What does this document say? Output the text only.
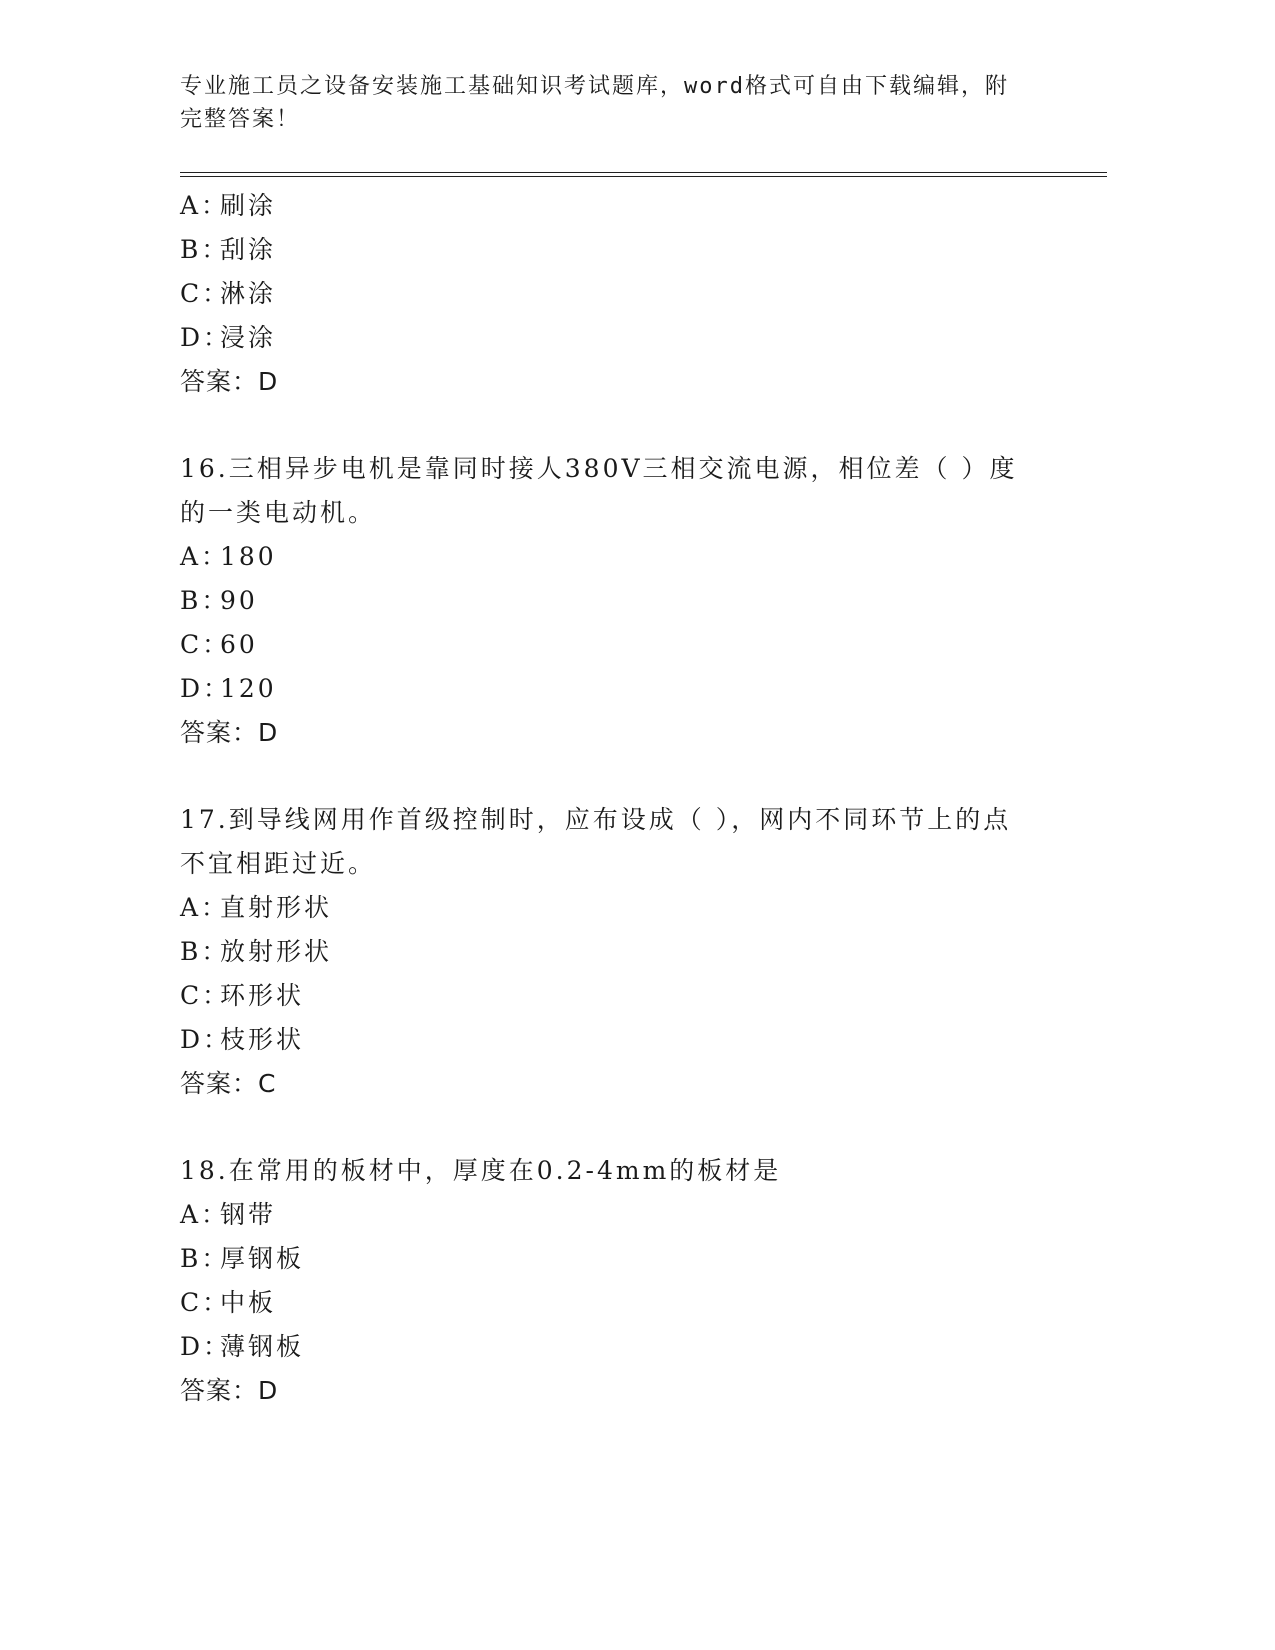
专业施工员之设备安装施工基础知识考试题库，word格式可自由下载编辑，附完整答案！
A：刷涂
B：刮涂
C：淋涂
D：浸涂
答案：D
16.三相异步电机是靠同时接人380V三相交流电源，相位差（ ）度的一类电动机。
A：180
B：90
C：60
D：120
答案：D
17.到导线网用作首级控制时，应布设成（ ），网内不同环节上的点不宜相距过近。
A：直射形状
B：放射形状
C：环形状
D：枝形状
答案：C
18.在常用的板材中，厚度在0.2-4mm的板材是
A：钢带
B：厚钢板
C：中板
D：薄钢板
答案：D
